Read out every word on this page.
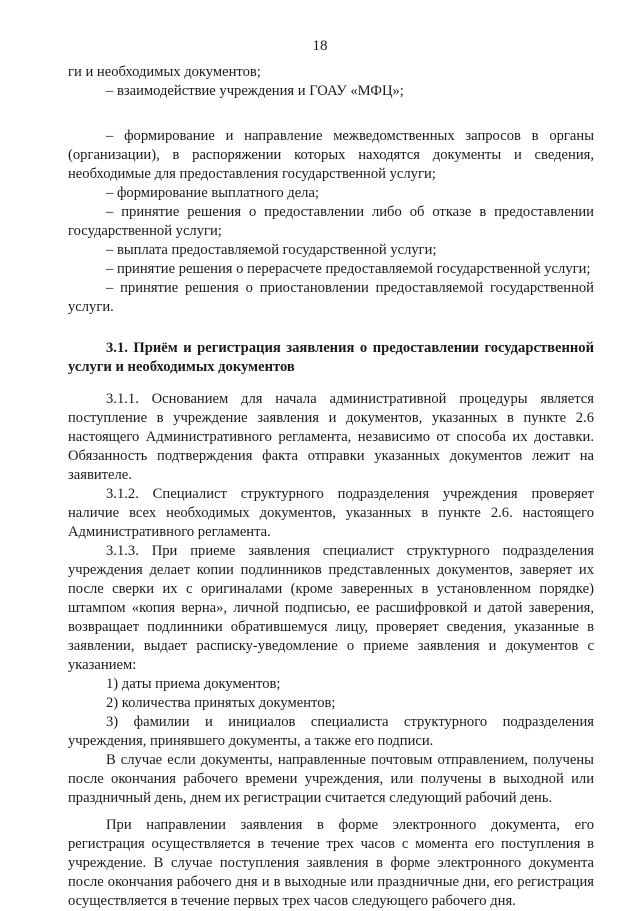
18

ги и необходимых документов;

– взаимодействие учреждения и ГОАУ «МФЦ»;

– формирование и направление межведомственных запросов в органы (организации), в распоряжении которых находятся документы и сведения, необходимые для предоставления государственной услуги;

– формирование выплатного дела;

– принятие решения о предоставлении либо об отказе в предоставлении государственной услуги;

– выплата предоставляемой государственной услуги;

– принятие решения о перерасчете предоставляемой государственной услуги;

– принятие решения о приостановлении предоставляемой государственной услуги.

3.1. Приём и регистрация заявления о предоставлении государственной услуги и необходимых документов

3.1.1. Основанием для начала административной процедуры является поступление в учреждение заявления и документов, указанных в пункте 2.6 настоящего Административного регламента, независимо от способа их доставки. Обязанность подтверждения факта отправки указанных документов лежит на заявителе.

3.1.2. Специалист структурного подразделения учреждения проверяет наличие всех необходимых документов, указанных в пункте 2.6. настоящего Административного регламента.

3.1.3. При приеме заявления специалист структурного подразделения учреждения делает копии подлинников представленных документов, заверяет их после сверки их с оригиналами (кроме заверенных в установленном порядке) штампом «копия верна», личной подписью, ее расшифровкой и датой заверения, возвращает подлинники обратившемуся лицу, проверяет сведения, указанные в заявлении, выдает расписку-уведомление о приеме заявления и документов с указанием:

1) даты приема документов;

2) количества принятых документов;

3) фамилии и инициалов специалиста структурного подразделения учреждения, принявшего документы, а также его подписи.

В случае если документы, направленные почтовым отправлением, получены после окончания рабочего времени учреждения, или получены в выходной или праздничный день, днем их регистрации считается следующий рабочий день.

При направлении заявления в форме электронного документа, его регистрация осуществляется в течение трех часов с момента его поступления в учреждение. В случае поступления заявления в форме электронного документа после окончания рабочего дня и в выходные или праздничные дни, его регистрация осуществляется в течение первых трех часов следующего рабочего дня.
